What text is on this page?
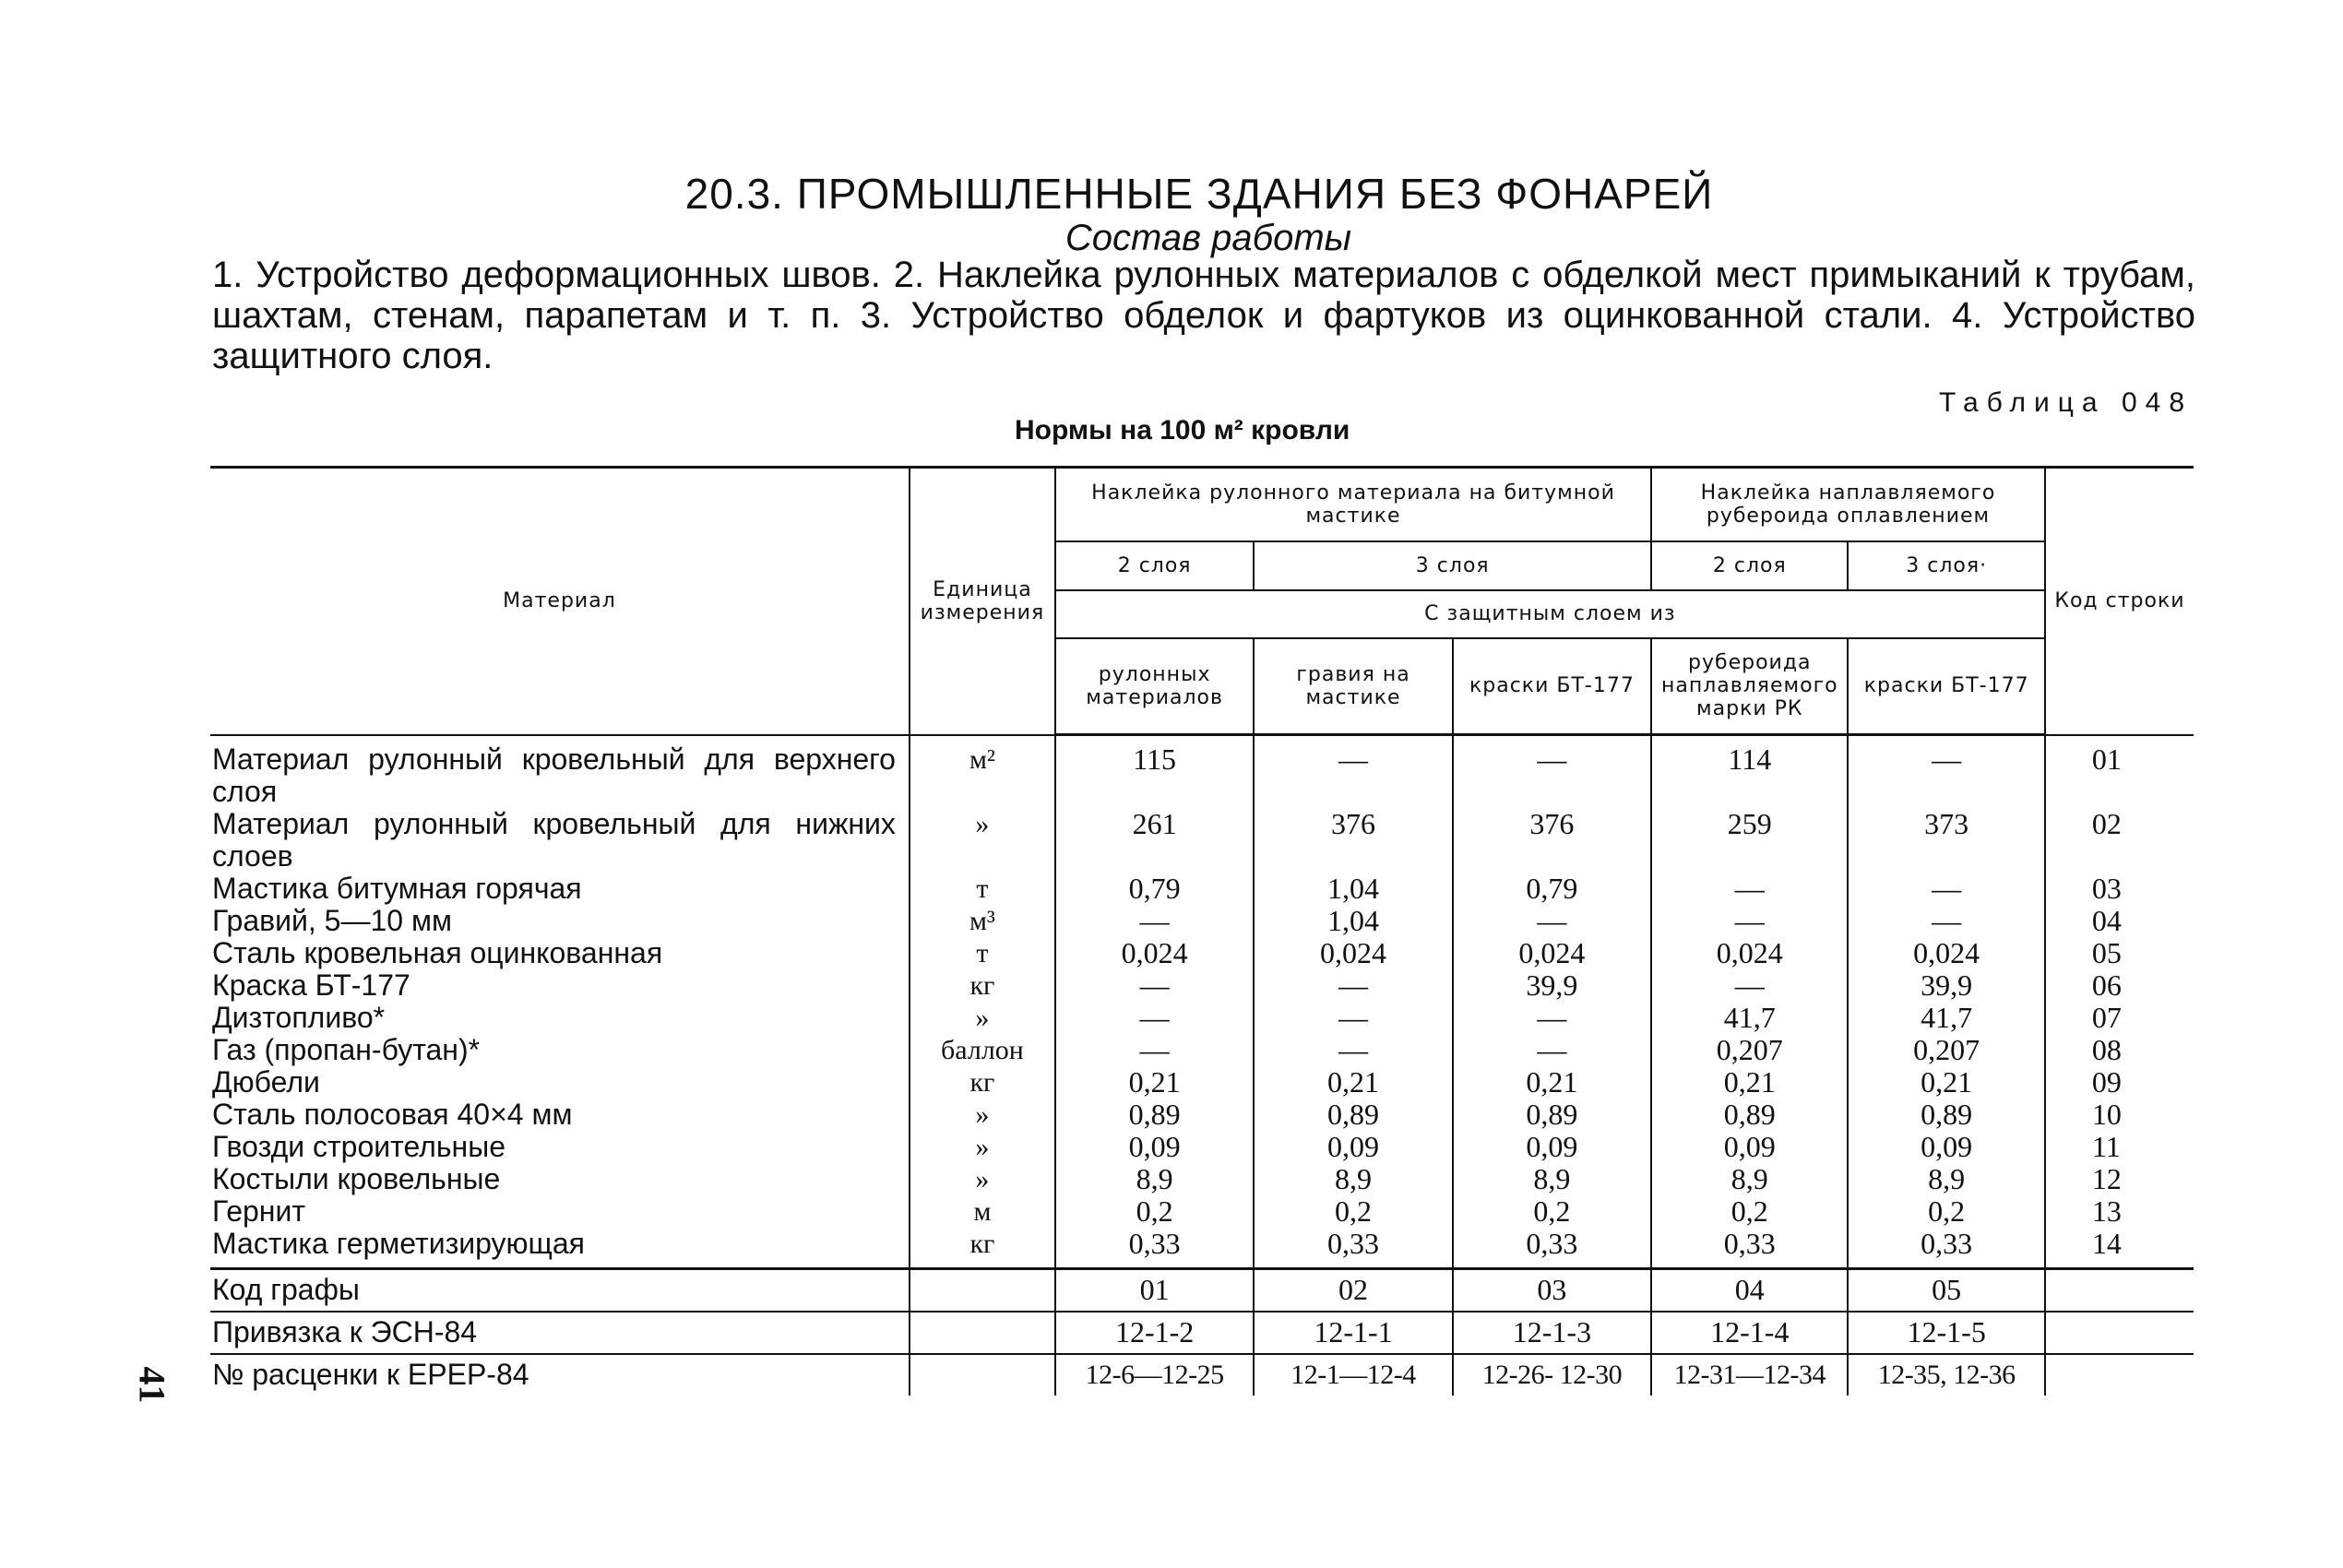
20.3. ПРОМЫШЛЕННЫЕ ЗДАНИЯ БЕЗ ФОНАРЕЙ
Состав работы
1. Устройство деформационных швов. 2. Наклейка рулонных материалов с обделкой мест примыканий к трубам, шахтам, стенам, парапетам и т. п. 3. Устройство обделок и фартуков из оцинкованной стали. 4. Устройство защитного слоя.
Таблица 048
Нормы на 100 м² кровли
Материал	Единица измерения	Наклейка рулонного материала на битумной мастике			Наклейка наплавляемого рубероида оплавлением		Код строки
		2 слоя	3 слоя		2 слоя	3 слоя·	
		С защитным слоем из					
		рулонных материалов	гравия на мастике	краски БТ-177	рубероида наплавляемого марки РК	краски БТ-177	
Материал рулонный кровельный для верхнего слоя	м²	115	—	—	114	—	01
Материал рулонный кровельный для нижних слоев	»	261	376	376	259	373	02
Мастика битумная горячая	т	0,79	1,04	0,79	—	—	03
Гравий, 5—10 мм	м³	—	1,04	—	—	—	04
Сталь кровельная оцинкованная	т	0,024	0,024	0,024	0,024	0,024	05
Краска БТ-177	кг	—	—	39,9	—	39,9	06
Дизтопливо*	»	—	—	—	41,7	41,7	07
Газ (пропан-бутан)*	баллон	—	—	—	0,207	0,207	08
Дюбели	кг	0,21	0,21	0,21	0,21	0,21	09
Сталь полосовая 40×4 мм	»	0,89	0,89	0,89	0,89	0,89	10
Гвозди строительные	»	0,09	0,09	0,09	0,09	0,09	11
Костыли кровельные	»	8,9	8,9	8,9	8,9	8,9	12
Гернит	м	0,2	0,2	0,2	0,2	0,2	13
Мастика герметизирующая	кг	0,33	0,33	0,33	0,33	0,33	14
Код графы		01	02	03	04	05	
Привязка к ЭСН-84		12-1-2	12-1-1	12-1-3	12-1-4	12-1-5	
№ расценки к ЕРЕР-84		12-6—12-25	12-1—12-4	12-26- 12-30	12-31—12-34	12-35, 12-36	
41
